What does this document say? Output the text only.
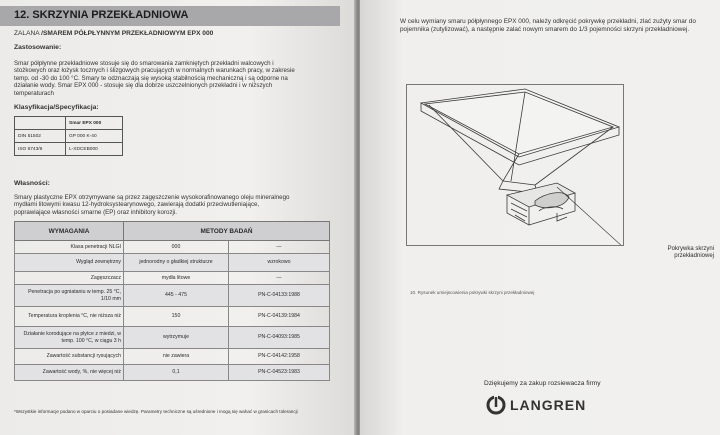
12. SKRZYNIA PRZEKŁADNIOWA
ZALANA /SMAREM PÓŁPŁYNNYM PRZEKŁADNIOWYM EPX 000
Zastosowanie:
Smar półpłynne przekładniowe stosuje się do smarowania zamkniętych przekładni walcowych i
stożkowych oraz łożysk tocznych i ślizgowych pracujących w normalnych warunkach pracy, w zakresie
temp. od -30 do 100 °C. Smary te odznaczają się wysoką stabilnością mechaniczną i są odporne na
działanie wody. Smar EPX 000 - stosuje się dla dobrze uszczelnionych przekładni i w niższych
temperaturach
Klasyfikacja/Specyfikacja:
	Smar EPX 000
DIN 51502	GP 000 K-40
ISO 6743/9	L-XDCEB000
Własności:
Smary plastyczne EPX otrzymywane są przez zagęszczenie wysokorafinowanego oleju mineralnego
mydłami litowymi kwasu 12-hydroksystearynowego, zawierają dodatki przeciwutleniające,
poprawiające własności smarne (EP) oraz inhibitory korozji.
WYMAGANIA	METODY BADAŃ	
Klasa penetracji NLGI	000	—
Wygląd zewnętrzny	jednorodny o gładkiej strukturze	wzrokowo
Zagęszczacz	mydła litowe	—
Penetracja po ugniataniu w temp. 25 °C, 1/10 mm	445 - 475	PN-C-04133:1988
Temperatura kroplenia °C, nie niższa niż	150	PN-C-04139:1984
Działanie korodujące na płytce z miedzi, w temp. 100 °C, w ciągu 3 h	wytrzymuje	PN-C-04093:1985
Zawartość substancji rysujących	nie zawiera	PN-C-04142:1958
Zawartość wody, %, nie więcej niż	0,1	PN-C-04523:1983
*Wszystkie informacje podano w oparciu o posiadane wiedzę. Parametry techniczne są uśrednione i mogą się wahać w granicach tolerancji
W celu wymiany smaru półpłynnego EPX 000, należy odkręcić pokrywkę przekładni, zlać zużyty smar do pojemnika (zutylizować), a następnie zalać nowym smarem do 1/3 pojemności skrzyni przekładniowej.
Pokrywka skrzyni
przekładniowej
10. Rysunek umiejscowienia pokrywki skrzyni przekładniowej
Dziękujemy za zakup rozsiewacza firmy
LANGREN
